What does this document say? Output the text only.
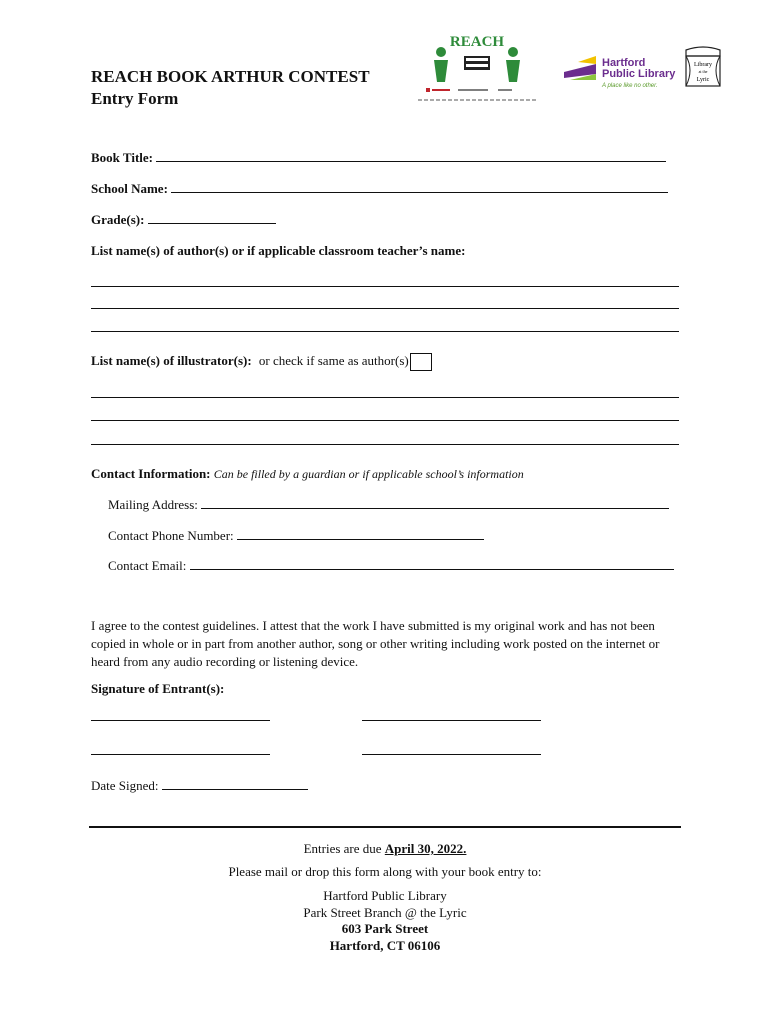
REACH BOOK ARTHUR CONTEST
Entry Form
REACH
Hartford
Public Library
A place like no other.
Library
at the
Lyric
Book Title:
School Name:
Grade(s):
List name(s) of author(s) or if applicable classroom teacher’s name:
List name(s) of illustrator(s): or check if same as author(s)
Contact Information: Can be filled by a guardian or if applicable school’s information
Mailing Address:
Contact Phone Number:
Contact Email:
I agree to the contest guidelines. I attest that the work I have submitted is my original work and has not been copied in whole or in part from another author, song or other writing including work posted on the internet or heard from any audio recording or listening device.
Signature of Entrant(s):
Date Signed:
Entries are due April 30, 2022.
Please mail or drop this form along with your book entry to:
Hartford Public Library
Park Street Branch @ the Lyric
603 Park Street
Hartford, CT 06106
